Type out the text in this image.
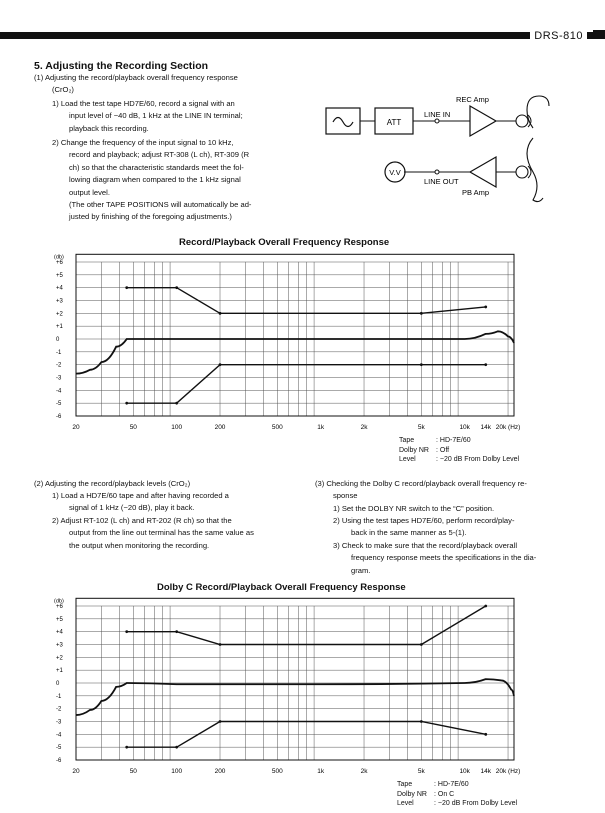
DRS-810
5. Adjusting the Recording Section
(1) Adjusting the record/playback overall frequency response
(CrO₂)
1) Load the test tape HD7E/60, record a signal with an
input level of −40 dB, 1 kHz at the LINE IN terminal;
playback this recording.
2) Change the frequency of the input signal to 10 kHz,
record and playback; adjust RT-308 (L ch), RT-309 (R
ch) so that the characteristic standards meet the fol-
lowing diagram when compared to the 1 kHz signal
output level.
(The other TAPE POSITIONS will automatically be ad-
justed by finishing of the foregoing adjustments.)
ATT
LINE IN
REC Amp
LINE OUT
PB Amp
V.V
Record/Playback Overall Frequency Response
(db)
+6
+5
+4
+3
+2
+1
0
-1
-2
-3
-4
-5
-6
20	50	100	200	500	1k	2k	5k	10k 14k 20k (Hz)
Tape	: HD-7E/60
Dolby NR : Off
Level	: −20 dB From Dolby Level
(2) Adjusting the record/playback levels (CrO₂)
1) Load a HD7E/60 tape and after having recorded a
signal of 1 kHz (−20 dB), play it back.
2) Adjust RT-102 (L ch) and RT-202 (R ch) so that the
output from the line out terminal has the same value as
the output when monitoring the recording.
(3) Checking the Dolby C record/playback overall frequency re-
sponse
1) Set the DOLBY NR switch to the “C” position.
2) Using the test tapes HD7E/60, perform record/play-
back in the same manner as 5-(1).
3) Check to make sure that the record/playback overall
frequency response meets the specifications in the dia-
gram.
Dolby C Record/Playback Overall Frequency Response
(db)
+6
+5
+4
+3
+2
+1
0
-1
-2
-3
-4
-5
-6
20	50	100	200	500	1k	2k	5k	10k 14k 20k (Hz)
Tape	: HD-7E/60
Dolby NR : On C
Level	: −20 dB From Dolby Level
